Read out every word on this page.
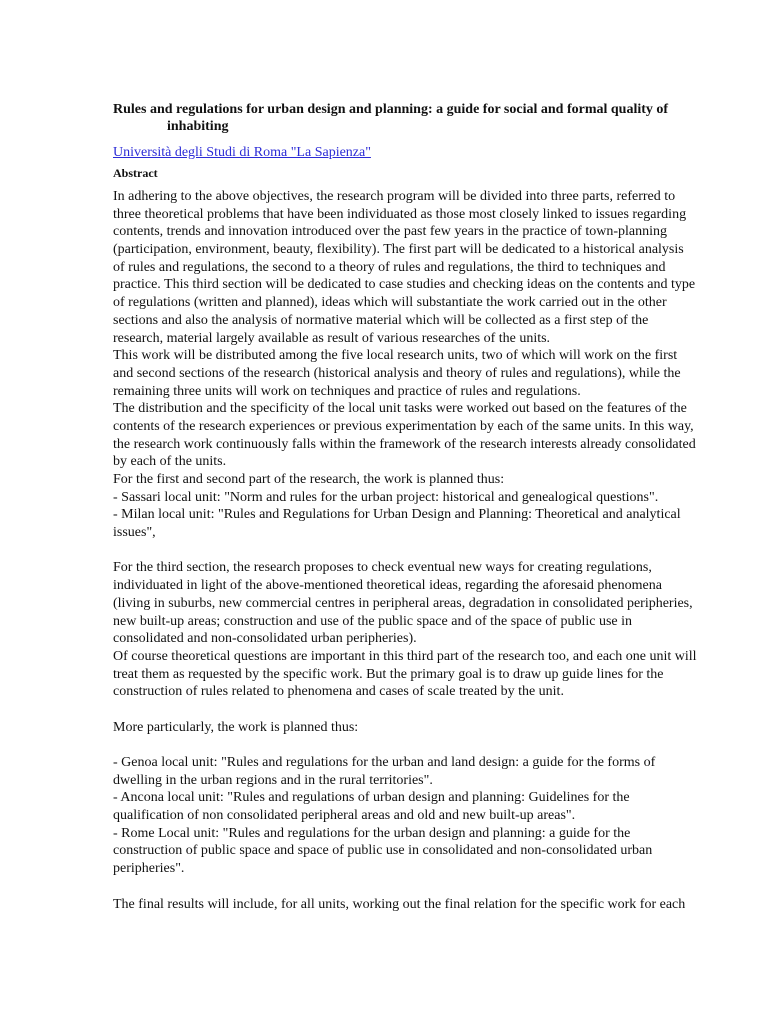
Rules and regulations for urban design and planning: a guide for social and formal quality of
inhabiting
Università degli Studi di Roma "La Sapienza"
Abstract
In adhering to the above objectives, the research program will be divided into three parts, referred to
three theoretical problems that have been individuated as those most closely linked to issues regarding
contents, trends and innovation introduced over the past few years in the practice of town-planning
(participation, environment, beauty, flexibility). The first part will be dedicated to a historical analysis
of rules and regulations, the second to a theory of rules and regulations, the third to techniques and
practice. This third section will be dedicated to case studies and checking ideas on the contents and type
of regulations (written and planned), ideas which will substantiate the work carried out in the other
sections and also the analysis of normative material which will be collected as a first step of the
research, material largely available as result of various researches of the units.
This work will be distributed among the five local research units, two of which will work on the first
and second sections of the research (historical analysis and theory of rules and regulations), while the
remaining three units will work on techniques and practice of rules and regulations.
The distribution and the specificity of the local unit tasks were worked out based on the features of the
contents of the research experiences or previous experimentation by each of the same units. In this way,
the research work continuously falls within the framework of the research interests already consolidated
by each of the units.
For the first and second part of the research, the work is planned thus:
- Sassari local unit: "Norm and rules for the urban project: historical and genealogical questions".
- Milan local unit: "Rules and Regulations for Urban Design and Planning: Theoretical and analytical
issues",
For the third section, the research proposes to check eventual new ways for creating regulations,
individuated in light of the above-mentioned theoretical ideas, regarding the aforesaid phenomena
(living in suburbs, new commercial centres in peripheral areas, degradation in consolidated peripheries,
new built-up areas; construction and use of the public space and of the space of public use in
consolidated and non-consolidated urban peripheries).
Of course theoretical questions are important in this third part of the research too, and each one unit will
treat them as requested by the specific work. But the primary goal is to draw up guide lines for the
construction of rules related to phenomena and cases of scale treated by the unit.
More particularly, the work is planned thus:
- Genoa local unit: "Rules and regulations for the urban and land design: a guide for the forms of
dwelling in the urban regions and in the rural territories".
- Ancona local unit: "Rules and regulations of urban design and planning: Guidelines for the
qualification of non consolidated peripheral areas and old and new built-up areas".
- Rome Local unit: "Rules and regulations for the urban design and planning: a guide for the
construction of public space and space of public use in consolidated and non-consolidated urban
peripheries".
The final results will include, for all units, working out the final relation for the specific work for each
